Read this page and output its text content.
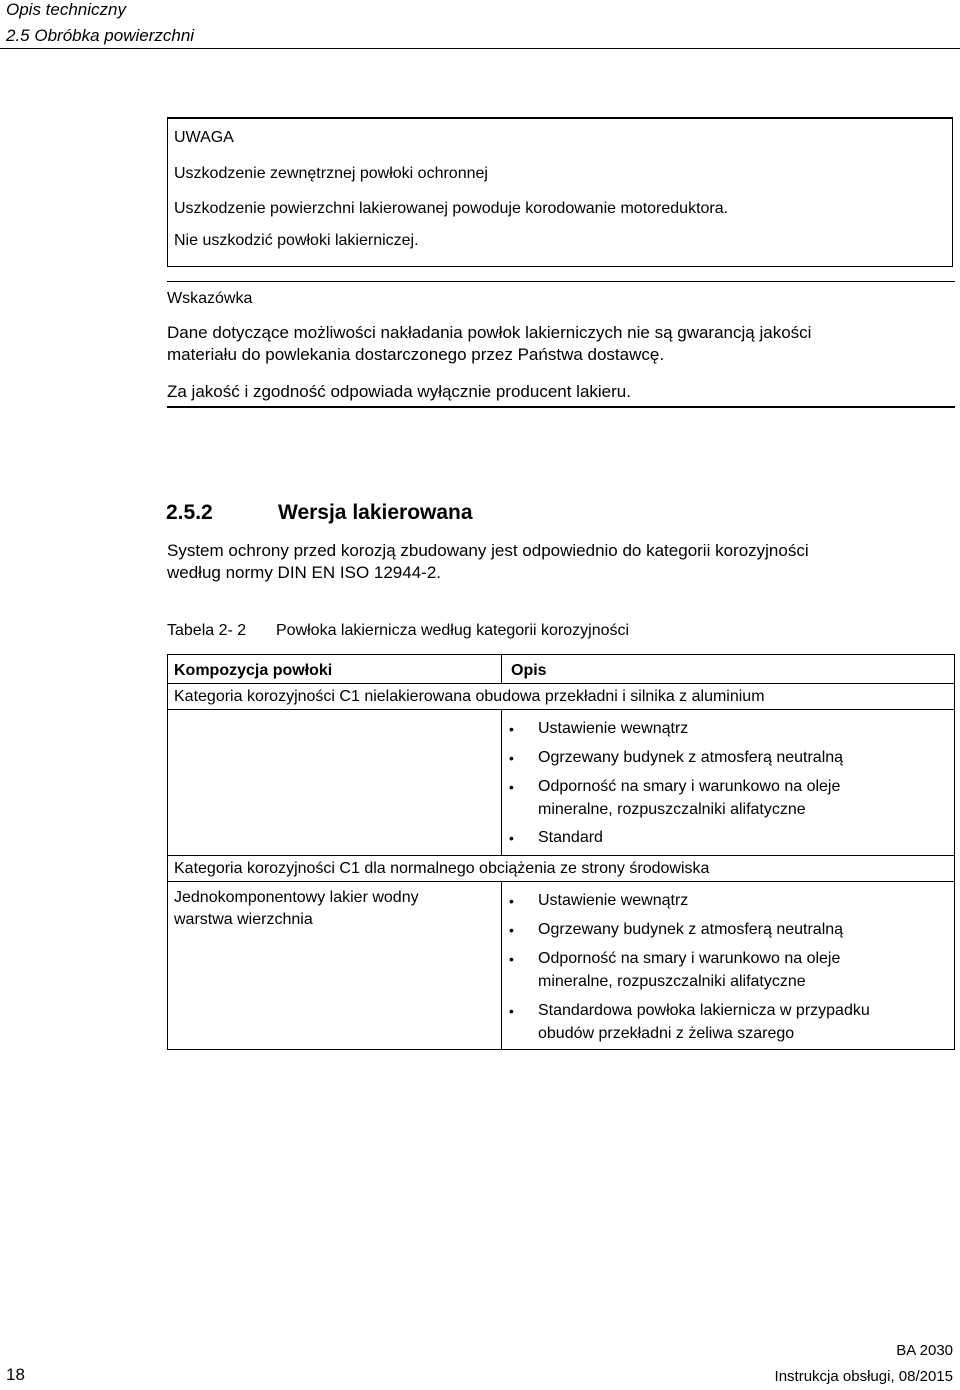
Opis techniczny
2.5 Obróbka powierzchni
UWAGA
Uszkodzenie zewnętrznej powłoki ochronnej
Uszkodzenie powierzchni lakierowanej powoduje korodowanie motoreduktora.
Nie uszkodzić powłoki lakierniczej.
Wskazówka
Dane dotyczące możliwości nakładania powłok lakierniczych nie są gwarancją jakości
materiału do powlekania dostarczonego przez Państwa dostawcę.
Za jakość i zgodność odpowiada wyłącznie producent lakieru.
2.5.2	Wersja lakierowana
System ochrony przed korozją zbudowany jest odpowiednio do kategorii korozyjności
według normy DIN EN ISO 12944-2.
Tabela 2- 2 Powłoka lakiernicza według kategorii korozyjności
Kompozycja powłoki	Opis
Kategoria korozyjności C1 nielakierowana obudowa przekładni i silnika z aluminium
• Ustawienie wewnątrz
• Ogrzewany budynek z atmosferą neutralną
• Odporność na smary i warunkowo na oleje
mineralne, rozpuszczalniki alifatyczne
• Standard
Kategoria korozyjności C1 dla normalnego obciążenia ze strony środowiska
Jednokomponentowy lakier wodny
warstwa wierzchnia
• Ustawienie wewnątrz
• Ogrzewany budynek z atmosferą neutralną
• Odporność na smary i warunkowo na oleje
mineralne, rozpuszczalniki alifatyczne
• Standardowa powłoka lakiernicza w przypadku
obudów przekładni z żeliwa szarego
18
BA 2030
Instrukcja obsługi, 08/2015
